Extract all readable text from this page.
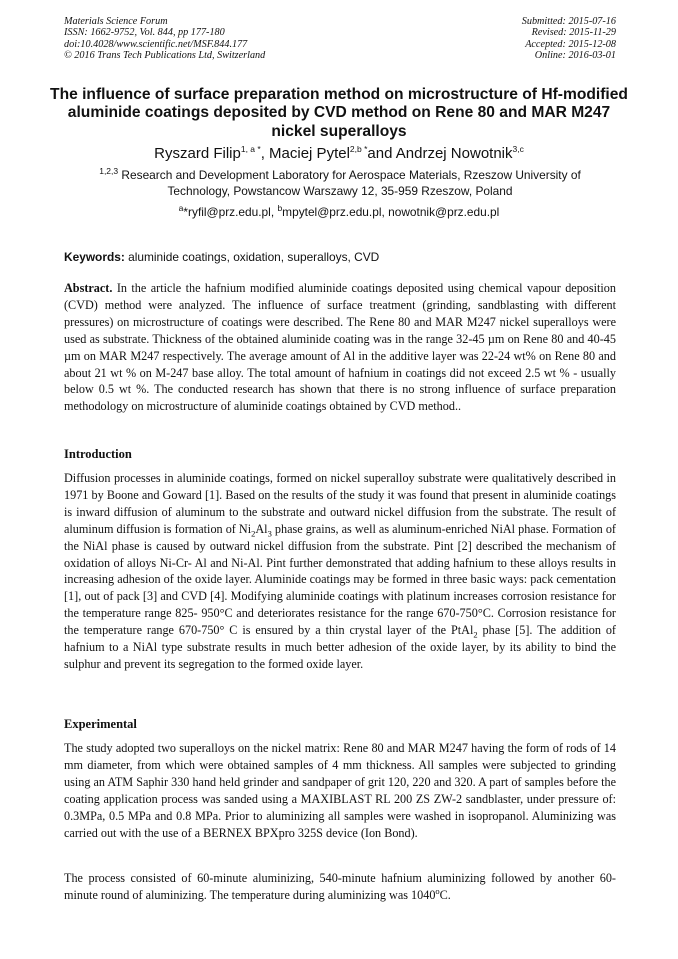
Materials Science Forum
ISSN: 1662-9752, Vol. 844, pp 177-180
doi:10.4028/www.scientific.net/MSF.844.177
© 2016 Trans Tech Publications Ltd, Switzerland
Submitted: 2015-07-16
Revised: 2015-11-29
Accepted: 2015-12-08
Online: 2016-03-01
The influence of surface preparation method on microstructure of Hf-modified aluminide coatings deposited by CVD method on Rene 80 and MAR M247 nickel superalloys
Ryszard Filip$^{1, a *}$, Maciej Pytel$^{2,b *}$and Andrzej Nowotnik$^{3,c}$
$^{1,2,3}$ Research and Development Laboratory for Aerospace Materials, Rzeszow University of Technology, Powstancow Warszawy 12, 35-959 Rzeszow, Poland
$^a$*ryfil@prz.edu.pl, $^b$mpytel@prz.edu.pl, nowotnik@prz.edu.pl
Keywords: aluminide coatings, oxidation, superalloys, CVD
Abstract. In the article the hafnium modified aluminide coatings deposited using chemical vapour deposition (CVD) method were analyzed. The influence of surface treatment (grinding, sandblasting with different pressures) on microstructure of coatings were described. The Rene 80 and MAR M247 nickel superalloys were used as substrate. Thickness of the obtained aluminide coating was in the range 32-45 µm on Rene 80 and 40-45 µm on MAR M247 respectively. The average amount of Al in the additive layer was 22-24 wt% on Rene 80 and about 21 wt % on M-247 base alloy. The total amount of hafnium in coatings did not exceed 2.5 wt % - usually below 0.5 wt %. The conducted research has shown that there is no strong influence of surface preparation methodology on microstructure of aluminide coatings obtained by CVD method..
Introduction
Diffusion processes in aluminide coatings, formed on nickel superalloy substrate were qualitatively described in 1971 by Boone and Goward [1]. Based on the results of the study it was found that present in aluminide coatings is inward diffusion of aluminum to the substrate and outward nickel diffusion from the substrate. The result of aluminum diffusion is formation of $Ni_2Al_3$ phase grains, as well as aluminum-enriched NiAl phase. Formation of the NiAl phase is caused by outward nickel diffusion from the substrate. Pint [2] described the mechanism of oxidation of alloys Ni-Cr- Al and Ni-Al. Pint further demonstrated that adding hafnium to these alloys results in increasing adhesion of the oxide layer. Aluminide coatings may be formed in three basic ways: pack cementation [1], out of pack [3] and CVD [4]. Modifying aluminide coatings with platinum increases corrosion resistance for the temperature range 825- 950°C and deteriorates resistance for the range 670-750°C. Corrosion resistance for the temperature range 670-750° C is ensured by a thin crystal layer of the PtAl$_2$ phase [5]. The addition of hafnium to a NiAl type substrate results in much better adhesion of the oxide layer, by its ability to bind the sulphur and prevent its segregation to the formed oxide layer.
Experimental
The study adopted two superalloys on the nickel matrix: Rene 80 and MAR M247 having the form of rods of 14 mm diameter, from which were obtained samples of 4 mm thickness. All samples were subjected to grinding using an ATM Saphir 330 hand held grinder and sandpaper of grit 120, 220 and 320. A part of samples before the coating application process was sanded using a MAXIBLAST RL 200 ZS ZW-2 sandblaster, under pressure of: 0.3MPa, 0.5 MPa and 0.8 MPa. Prior to aluminizing all samples were washed in isopropanol. Aluminizing was carried out with the use of a BERNEX BPXpro 325S device (Ion Bond).
The process consisted of 60-minute aluminizing, 540-minute hafnium aluminizing followed by another 60-minute round of aluminizing. The temperature during aluminizing was 1040$^o$C.
